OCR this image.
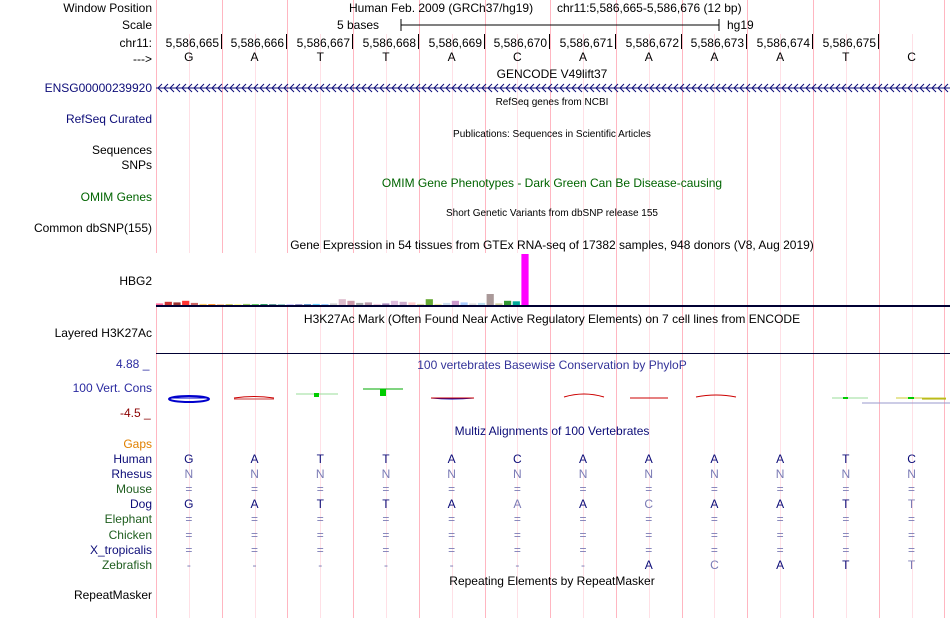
Window Position
Scale
chr11:
--->
Human Feb. 2009 (GRCh37/hg19) chr11:5,586,665-5,586,676 (12 bp)
5 bases	hg19
5,586,665 5,586,666 5,586,667 5,586,668 5,586,669 5,586,670 5,586,671 5,586,672 5,586,673 5,586,674 5,586,675
G	A	T	T	A	C	A	A	A	A	T	C
GENCODE V49lift37
ENSG00000239920
RefSeq genes from NCBI
RefSeq Curated
Publications: Sequences in Scientific Articles
Sequences
SNPs
OMIM Gene Phenotypes - Dark Green Can Be Disease-causing
OMIM Genes
Short Genetic Variants from dbSNP release 155
Common dbSNP(155)
Gene Expression in 54 tissues from GTEx RNA-seq of 17382 samples, 948 donors (V8, Aug 2019)
HBG2
H3K27Ac Mark (Often Found Near Active Regulatory Elements) on 7 cell lines from ENCODE
Layered H3K27Ac
100 vertebrates Basewise Conservation by PhyloP
4.88 _
100 Vert. Cons
-4.5 _
Multiz Alignments of 100 Vertebrates
Gaps
Human	G	A	T	T	A	C	A	A	A	A	T	C
Rhesus	N	N	N	N	N	N	N	N	N	N	N	N
Mouse	=	=	=	=	=	=	=	=	=	=	=	=
Dog	G	A	T	T	A	A	A	C	A	A	T	T
Elephant	=	=	=	=	=	=	=	=	=	=	=	=
Chicken	=	=	=	=	=	=	=	=	=	=	=	=
X_tropicalis	=	=	=	=	=	=	=	=	=	=	=	=
Zebrafish	-	-	-	-	-	-	-	A	C	A	T	T
Repeating Elements by RepeatMasker
RepeatMasker
